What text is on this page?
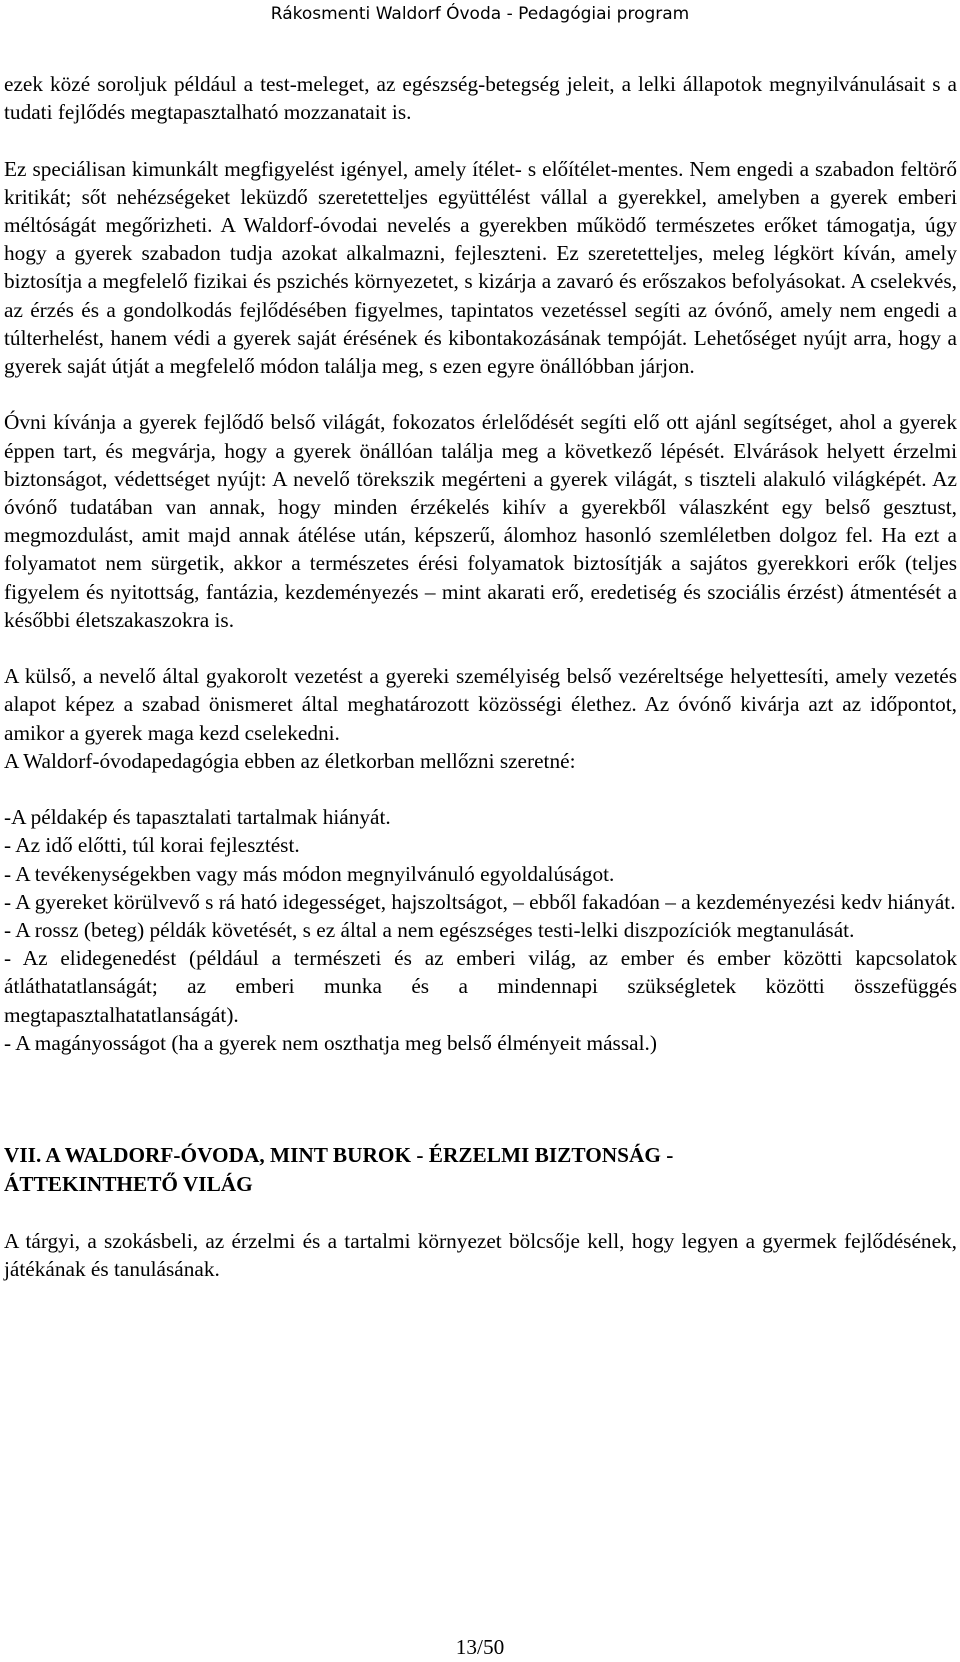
Rákosmenti Waldorf Óvoda - Pedagógiai program

ezek közé soroljuk például a test-meleget, az egészség-betegség jeleit, a lelki állapotok megnyilvánulásait s a tudati fejlődés megtapasztalható mozzanatait is.

Ez speciálisan kimunkált megfigyelést igényel, amely ítélet- s előítélet-mentes. Nem engedi a szabadon feltörő kritikát; sőt nehézségeket leküzdő szeretetteljes együttélést vállal a gyerekkel, amelyben a gyerek emberi méltóságát megőrizheti. A Waldorf-óvodai nevelés a gyerekben működő természetes erőket támogatja, úgy hogy a gyerek szabadon tudja azokat alkalmazni, fejleszteni. Ez szeretetteljes, meleg légkört kíván, amely biztosítja a megfelelő fizikai és pszichés környezetet, s kizárja a zavaró és erőszakos befolyásokat. A cselekvés, az érzés és a gondolkodás fejlődésében figyelmes, tapintatos vezetéssel segíti az óvónő, amely nem engedi a túlterhelést, hanem védi a gyerek saját érésének és kibontakozásának tempóját. Lehetőséget nyújt arra, hogy a gyerek saját útját a megfelelő módon találja meg, s ezen egyre önállóbban járjon.

Óvni kívánja a gyerek fejlődő belső világát, fokozatos érlelődését segíti elő ott ajánl segítséget, ahol a gyerek éppen tart, és megvárja, hogy a gyerek önállóan találja meg a következő lépését. Elvárások helyett érzelmi biztonságot, védettséget nyújt: A nevelő törekszik megérteni a gyerek világát, s tiszteli alakuló világképét. Az óvónő tudatában van annak, hogy minden érzékelés kihív a gyerekből válaszként egy belső gesztust, megmozdulást, amit majd annak átélése után, képszerű, álomhoz hasonló szemléletben dolgoz fel. Ha ezt a folyamatot nem sürgetik, akkor a természetes érési folyamatok biztosítják a sajátos gyerekkori erők (teljes figyelem és nyitottság, fantázia, kezdeményezés – mint akarati erő, eredetiség és szociális érzést) átmentését a későbbi életszakaszokra is.

A külső, a nevelő által gyakorolt vezetést a gyereki személyiség belső vezéreltsége helyettesíti, amely vezetés alapot képez a szabad önismeret által meghatározott közösségi élethez. Az óvónő kivárja azt az időpontot, amikor a gyerek maga kezd cselekedni.

A Waldorf-óvodapedagógia ebben az életkorban mellőzni szeretné:

-A példakép és tapasztalati tartalmak hiányát.

- Az idő előtti, túl korai fejlesztést.

- A tevékenységekben vagy más módon megnyilvánuló egyoldalúságot.

- A gyereket körülvevő s rá ható idegességet, hajszoltságot, – ebből fakadóan – a kezdeményezési kedv hiányát.

- A rossz (beteg) példák követését, s ez által a nem egészséges testi-lelki diszpozíciók megtanulását.

- Az elidegenedést (például a természeti és az emberi világ, az ember és ember közötti kapcsolatok átláthatatlanságát; az emberi munka és a mindennapi szükségletek közötti összefüggés megtapasztalhatatlanságát).

- A magányosságot (ha a gyerek nem oszthatja meg belső élményeit mással.)

VII. A WALDORF-ÓVODA, MINT BUROK - ÉRZELMI BIZTONSÁG -

ÁTTEKINTHETŐ VILÁG

A tárgyi, a szokásbeli, az érzelmi és a tartalmi környezet bölcsője kell, hogy legyen a gyermek fejlődésének, játékának és tanulásának.

13/50
